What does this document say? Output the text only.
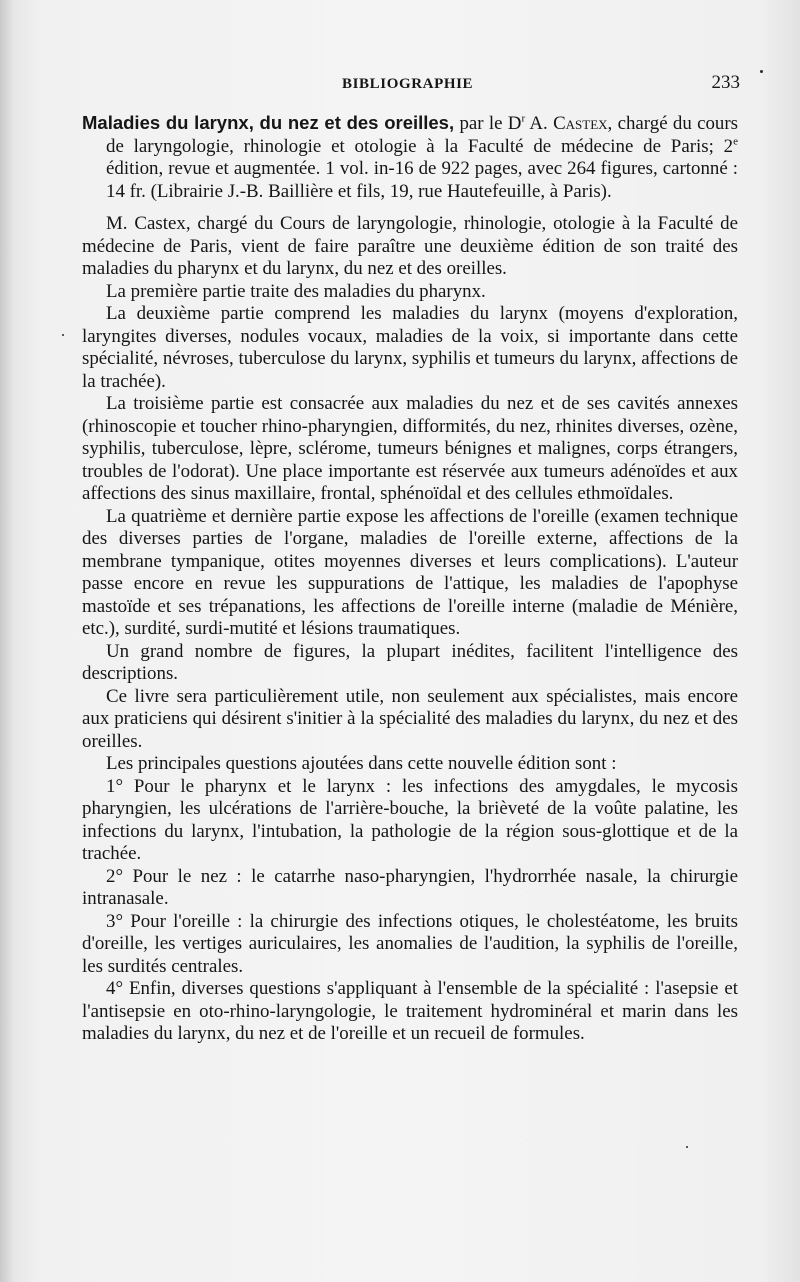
BIBLIOGRAPHIE	233

Maladies du larynx, du nez et des oreilles, par le $D^r$ A. Castex, chargé du cours de laryngologie, rhinologie et otologie à la Faculté de médecine de Paris; 2e édition, revue et augmentée. 1 vol. in-16 de 922 pages, avec 264 figures, cartonné : 14 fr. (Librairie J.-B. Baillière et fils, 19, rue Hautefeuille, à Paris).

M. Castex, chargé du Cours de laryngologie, rhinologie, otologie à la Faculté de médecine de Paris, vient de faire paraître une deuxième édition de son traité des maladies du pharynx et du larynx, du nez et des oreilles.

La première partie traite des maladies du pharynx.

La deuxième partie comprend les maladies du larynx (moyens d'exploration, laryngites diverses, nodules vocaux, maladies de la voix, si importante dans cette spécialité, névroses, tuberculose du larynx, syphilis et tumeurs du larynx, affections de la trachée).

La troisième partie est consacrée aux maladies du nez et de ses cavités annexes (rhinoscopie et toucher rhino-pharyngien, difformités, du nez, rhinites diverses, ozène, syphilis, tuberculose, lèpre, sclérome, tumeurs bénignes et malignes, corps étrangers, troubles de l'odorat). Une place importante est réservée aux tumeurs adénoïdes et aux affections des sinus maxillaire, frontal, sphénoïdal et des cellules ethmoïdales.

La quatrième et dernière partie expose les affections de l'oreille (examen technique des diverses parties de l'organe, maladies de l'oreille externe, affections de la membrane tympanique, otites moyennes diverses et leurs complications). L'auteur passe encore en revue les suppurations de l'attique, les maladies de l'apophyse mastoïde et ses trépanations, les affections de l'oreille interne (maladie de Ménière, etc.), surdité, surdi-mutité et lésions traumatiques.

Un grand nombre de figures, la plupart inédites, facilitent l'intelligence des descriptions.

Ce livre sera particulièrement utile, non seulement aux spécialistes, mais encore aux praticiens qui désirent s'initier à la spécialité des maladies du larynx, du nez et des oreilles.

Les principales questions ajoutées dans cette nouvelle édition sont :

1° Pour le pharynx et le larynx : les infections des amygdales, le mycosis pharyngien, les ulcérations de l'arrière-bouche, la brièveté de la voûte palatine, les infections du larynx, l'intubation, la pathologie de la région sous-glottique et de la trachée.

2° Pour le nez : le catarrhe naso-pharyngien, l'hydrorrhée nasale, la chirurgie intranasale.

3° Pour l'oreille : la chirurgie des infections otiques, le cholestéatome, les bruits d'oreille, les vertiges auriculaires, les anomalies de l'audition, la syphilis de l'oreille, les surdités centrales.

4° Enfin, diverses questions s'appliquant à l'ensemble de la spécialité : l'asepsie et l'antisepsie en oto-rhino-laryngologie, le traitement hydrominéral et marin dans les maladies du larynx, du nez et de l'oreille et un recueil de formules.
